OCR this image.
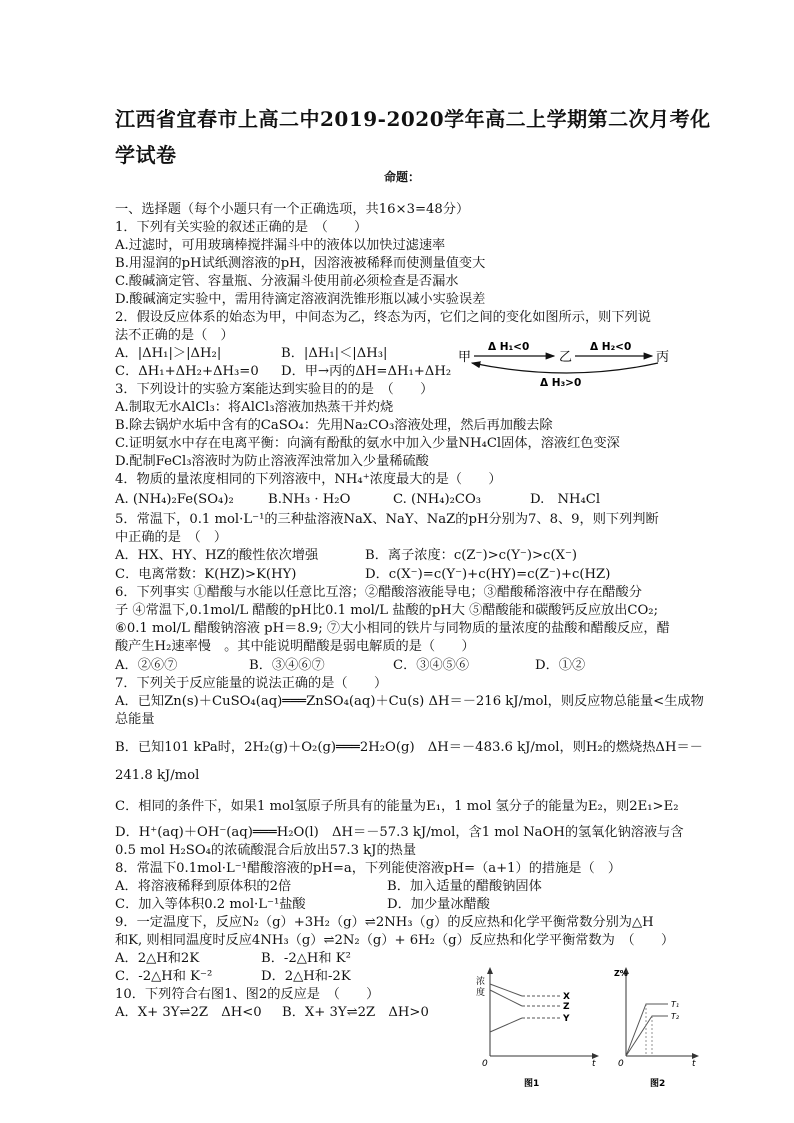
江西省宜春市上高二中2019-2020学年高二上学期第二次月考化
学试卷
命题：
一、选择题（每个小题只有一个正确选项，共16×3=48分）
1．下列有关实验的叙述正确的是　（　　）
A.过滤时，可用玻璃棒搅拌漏斗中的液体以加快过滤速率
B.用湿润的pH试纸测溶液的pH，因溶液被稀释而使测量值变大
C.酸碱滴定管、容量瓶、分液漏斗使用前必须检查是否漏水
D.酸碱滴定实验中，需用待滴定溶液润洗锥形瓶以减小实验误差
2．假设反应体系的始态为甲，中间态为乙，终态为丙，它们之间的变化如图所示，则下列说
法不正确的是（　）
A．|ΔH₁|＞|ΔH₂|	B．|ΔH₁|＜|ΔH₃|
C．ΔH₁+ΔH₂+ΔH₃=0 D．甲→丙的ΔH=ΔH₁+ΔH₂
甲	乙	丙
Δ H₁<0	Δ H₂<0
Δ H₃>0
3．下列设计的实验方案能达到实验目的的是　（　　）
A.制取无水AlCl₃：将AlCl₃溶液加热蒸干并灼烧
B.除去锅炉水垢中含有的CaSO₄：先用Na₂CO₃溶液处理，然后再加酸去除
C.证明氨水中存在电离平衡：向滴有酚酞的氨水中加入少量NH₄Cl固体，溶液红色变深
D.配制FeCl₃溶液时为防止溶液浑浊常加入少量稀硫酸
4．物质的量浓度相同的下列溶液中，NH₄⁺浓度最大的是（　　）
A. (NH₄)₂Fe(SO₄)₂	B.NH₃ · H₂O	C. (NH₄)₂CO₃	D.　NH₄Cl
5．常温下，0.1 mol·L⁻¹的三种盐溶液NaX、NaY、NaZ的pH分别为7、8、9，则下列判断
中正确的是　（　）
A．HX、HY、HZ的酸性依次增强	B．离子浓度：c(Z⁻)>c(Y⁻)>c(X⁻)
C．电离常数：K(HZ)>K(HY)	D．c(X⁻)=c(Y⁻)+c(HY)=c(Z⁻)+c(HZ)
6．下列事实 ①醋酸与水能以任意比互溶；②醋酸溶液能导电；③醋酸稀溶液中存在醋酸分
子 ④常温下,0.1mol/L 醋酸的pH比0.1 mol/L 盐酸的pH大 ⑤醋酸能和碳酸钙反应放出CO₂;
⑥0.1 mol/L 醋酸钠溶液 pH＝8.9; ⑦大小相同的铁片与同物质的量浓度的盐酸和醋酸反应，醋
酸产生H₂速率慢　。其中能说明醋酸是弱电解质的是（　　）
A．②⑥⑦	B．③④⑥⑦	C．③④⑤⑥	D．①②
7．下列关于反应能量的说法正确的是（　　）
A．已知Zn(s)＋CuSO₄(aq)═══ZnSO₄(aq)＋Cu(s) ΔH＝－216 kJ/mol，则反应物总能量<生成物
总能量
B．已知101 kPa时，2H₂(g)＋O₂(g)═══2H₂O(g)　ΔH＝－483.6 kJ/mol，则H₂的燃烧热ΔH＝－
241.8 kJ/mol
C．相同的条件下，如果1 mol氢原子所具有的能量为E₁，1 mol 氢分子的能量为E₂，则2E₁>E₂
D．H⁺(aq)＋OH⁻(aq)═══H₂O(l)　ΔH＝－57.3 kJ/mol，含1 mol NaOH的氢氧化钠溶液与含
0.5 mol H₂SO₄的浓硫酸混合后放出57.3 kJ的热量
8．常温下0.1mol·L⁻¹醋酸溶液的pH=a，下列能使溶液pH=（a+1）的措施是（　）
A．将溶液稀释到原体积的2倍	B．加入适量的醋酸钠固体
C．加入等体积0.2 mol·L⁻¹盐酸	D．加少量冰醋酸
9．一定温度下，反应N₂（g）+3H₂（g）⇌2NH₃（g）的反应热和化学平衡常数分别为△H
和K, 则相同温度时反应4NH₃（g）⇌2N₂（g）+ 6H₂（g）反应热和化学平衡常数为　（　　）
A．2△H和2K	B．-2△H和 K²
C．-2△H和 K⁻²	D．2△H和-2K
10．下列符合右图1、图2的反应是　（　　）
A．X+ 3Y⇌2Z　ΔH<0 B．X+ 3Y⇌2Z　ΔH>0
浓
度
0	t
X
Z
Y
图1
Z%
0	t
T₁
T₂
图2
